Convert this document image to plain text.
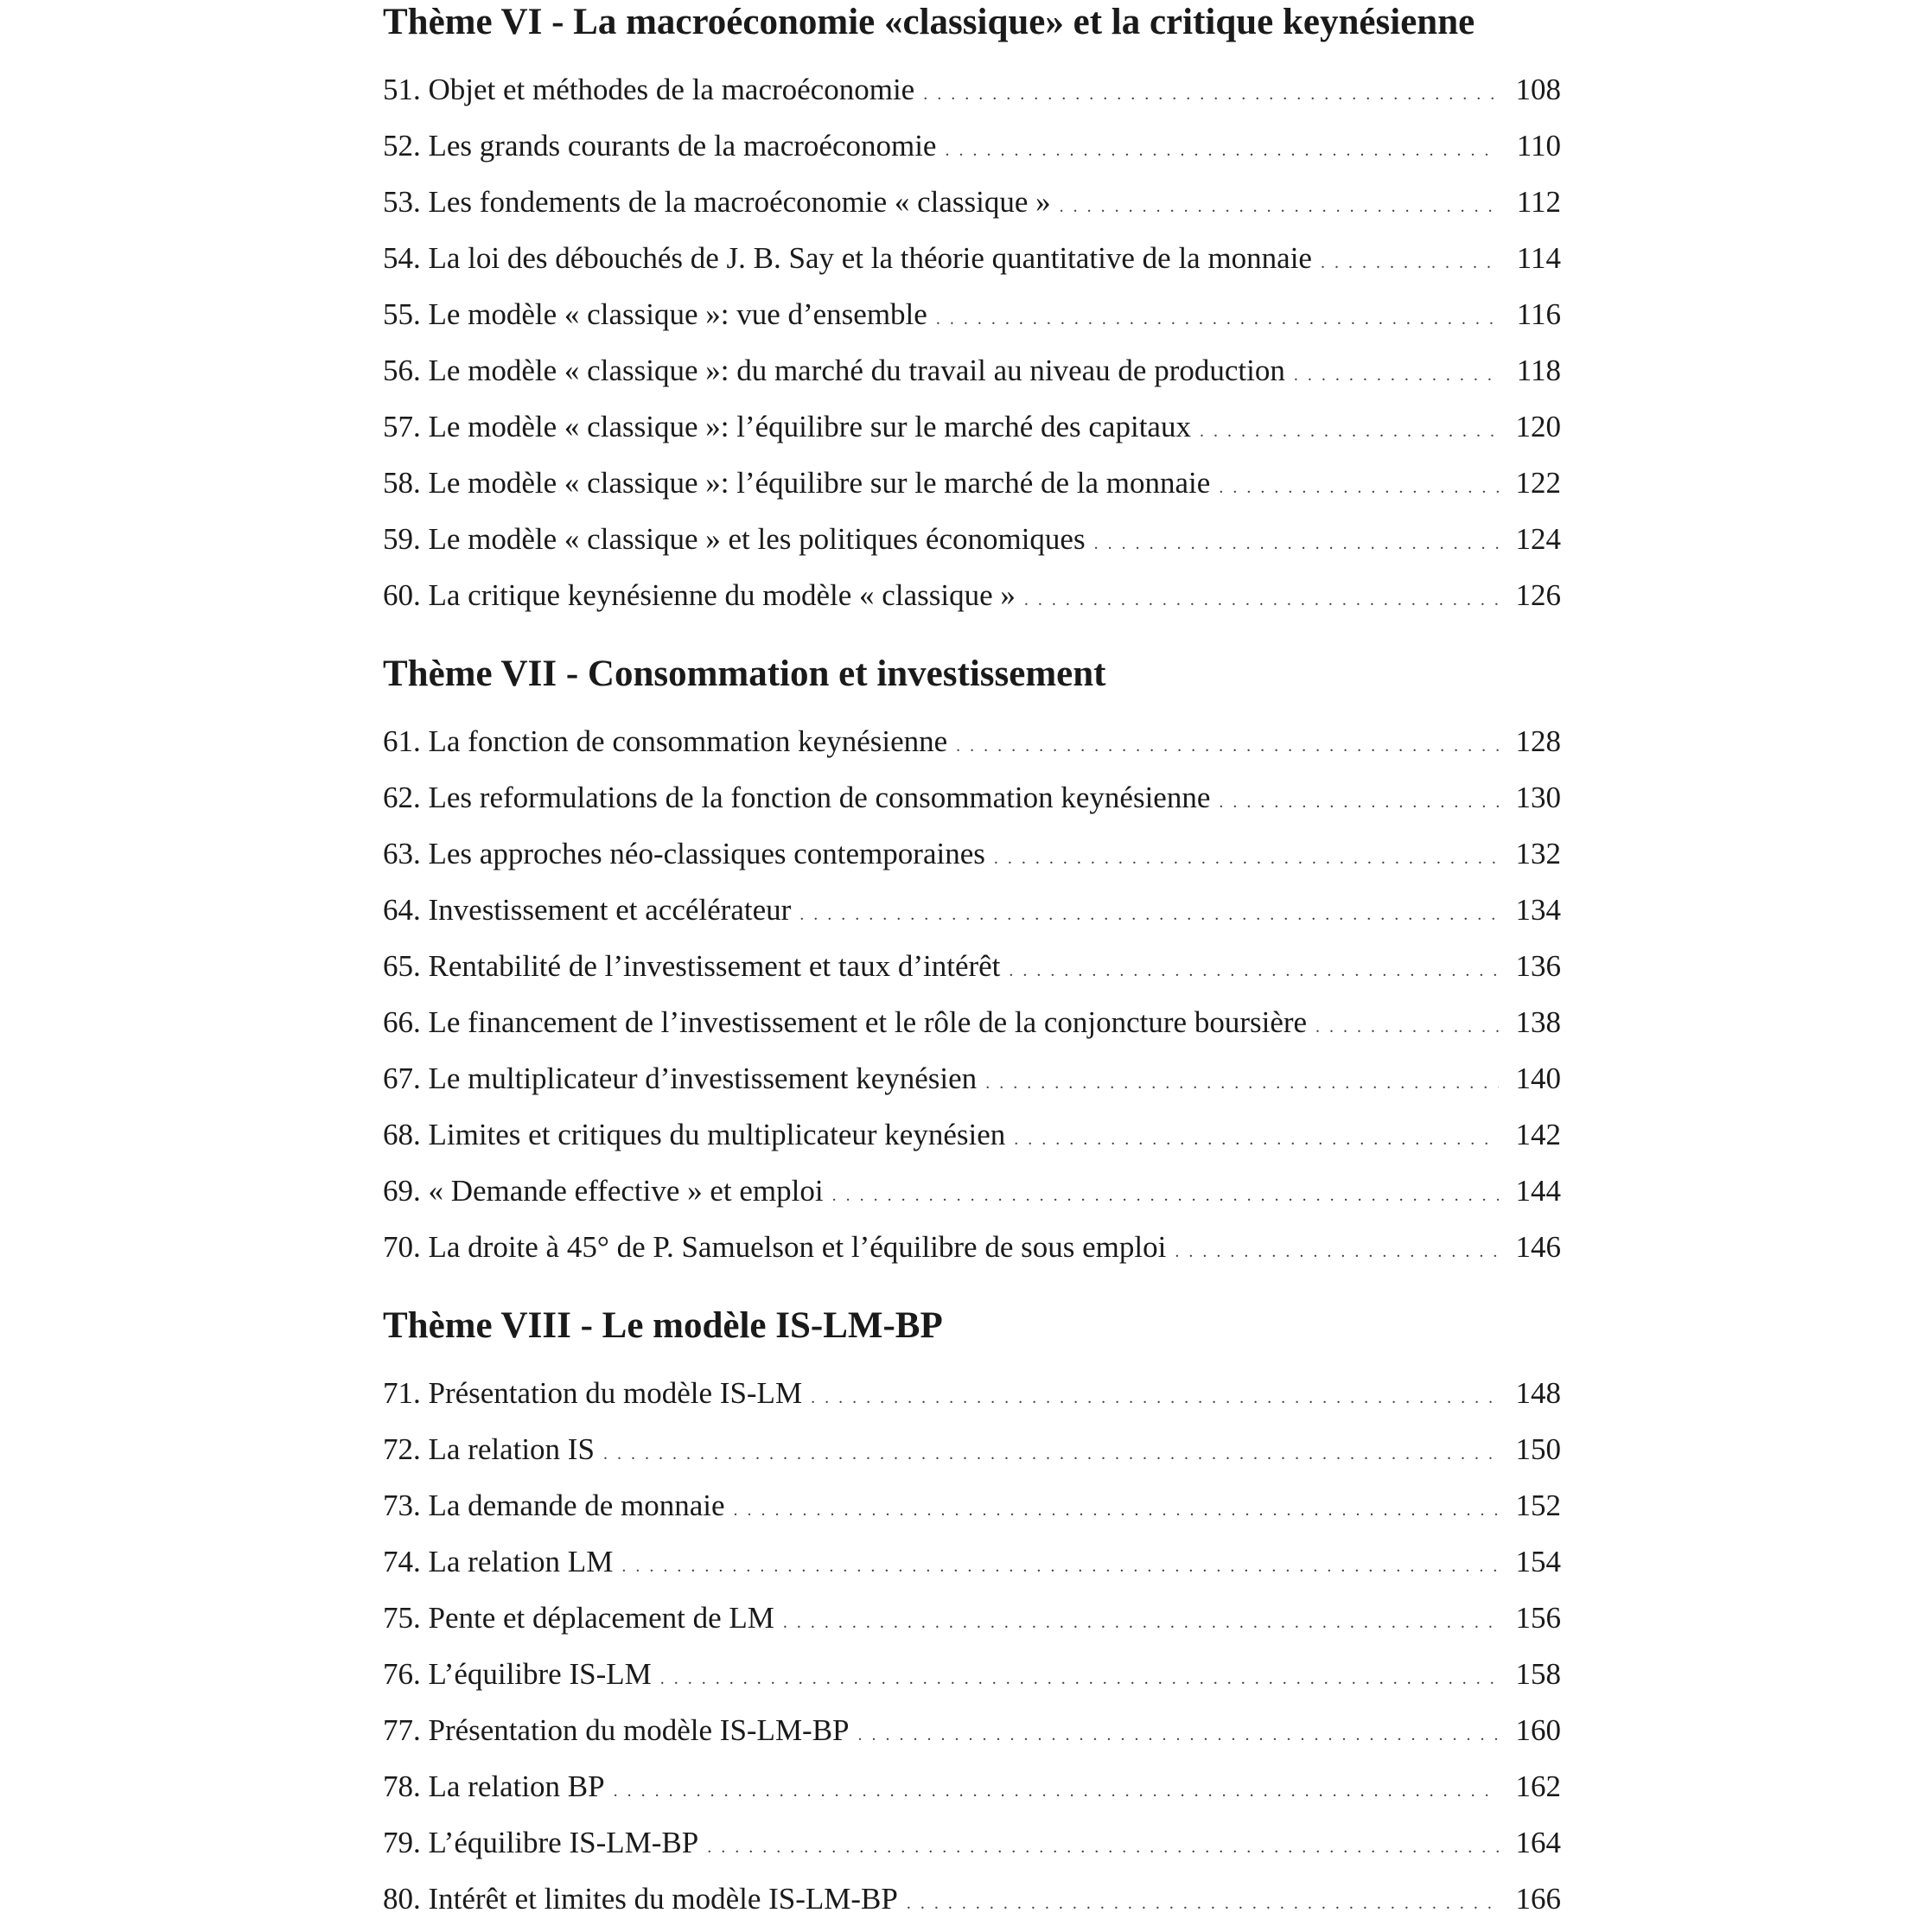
Thème VI - La macroéconomie «classique» et la critique keynésienne
51. Objet et méthodes de la macroéconomie . . .	108
52. Les grands courants de la macroéconomie . . .	110
53. Les fondements de la macroéconomie « classique » . . .	112
54. La loi des débouchés de J. B. Say et la théorie quantitative de la monnaie . . .	114
55. Le modèle « classique »: vue d’ensemble . . .	116
56. Le modèle « classique »: du marché du travail au niveau de production . . .	118
57. Le modèle « classique »: l’équilibre sur le marché des capitaux . . .	120
58. Le modèle « classique »: l’équilibre sur le marché de la monnaie . . .	122
59. Le modèle « classique » et les politiques économiques . . .	124
60. La critique keynésienne du modèle « classique » . . .	126
Thème VII - Consommation et investissement
61. La fonction de consommation keynésienne . . .	128
62. Les reformulations de la fonction de consommation keynésienne . . .	130
63. Les approches néo-classiques contemporaines . . .	132
64. Investissement et accélérateur . . .	134
65. Rentabilité de l’investissement et taux d’intérêt . . .	136
66. Le financement de l’investissement et le rôle de la conjoncture boursière . . .	138
67. Le multiplicateur d’investissement keynésien . . .	140
68. Limites et critiques du multiplicateur keynésien . . .	142
69. « Demande effective » et emploi . . .	144
70. La droite à 45° de P. Samuelson et l’équilibre de sous emploi . . .	146
Thème VIII - Le modèle IS-LM-BP
71. Présentation du modèle IS-LM . . .	148
72. La relation IS . . .	150
73. La demande de monnaie . . .	152
74. La relation LM . . .	154
75. Pente et déplacement de LM . . .	156
76. L’équilibre IS-LM . . .	158
77. Présentation du modèle IS-LM-BP . . .	160
78. La relation BP . . .	162
79. L’équilibre IS-LM-BP . . .	164
80. Intérêt et limites du modèle IS-LM-BP . . .	166
